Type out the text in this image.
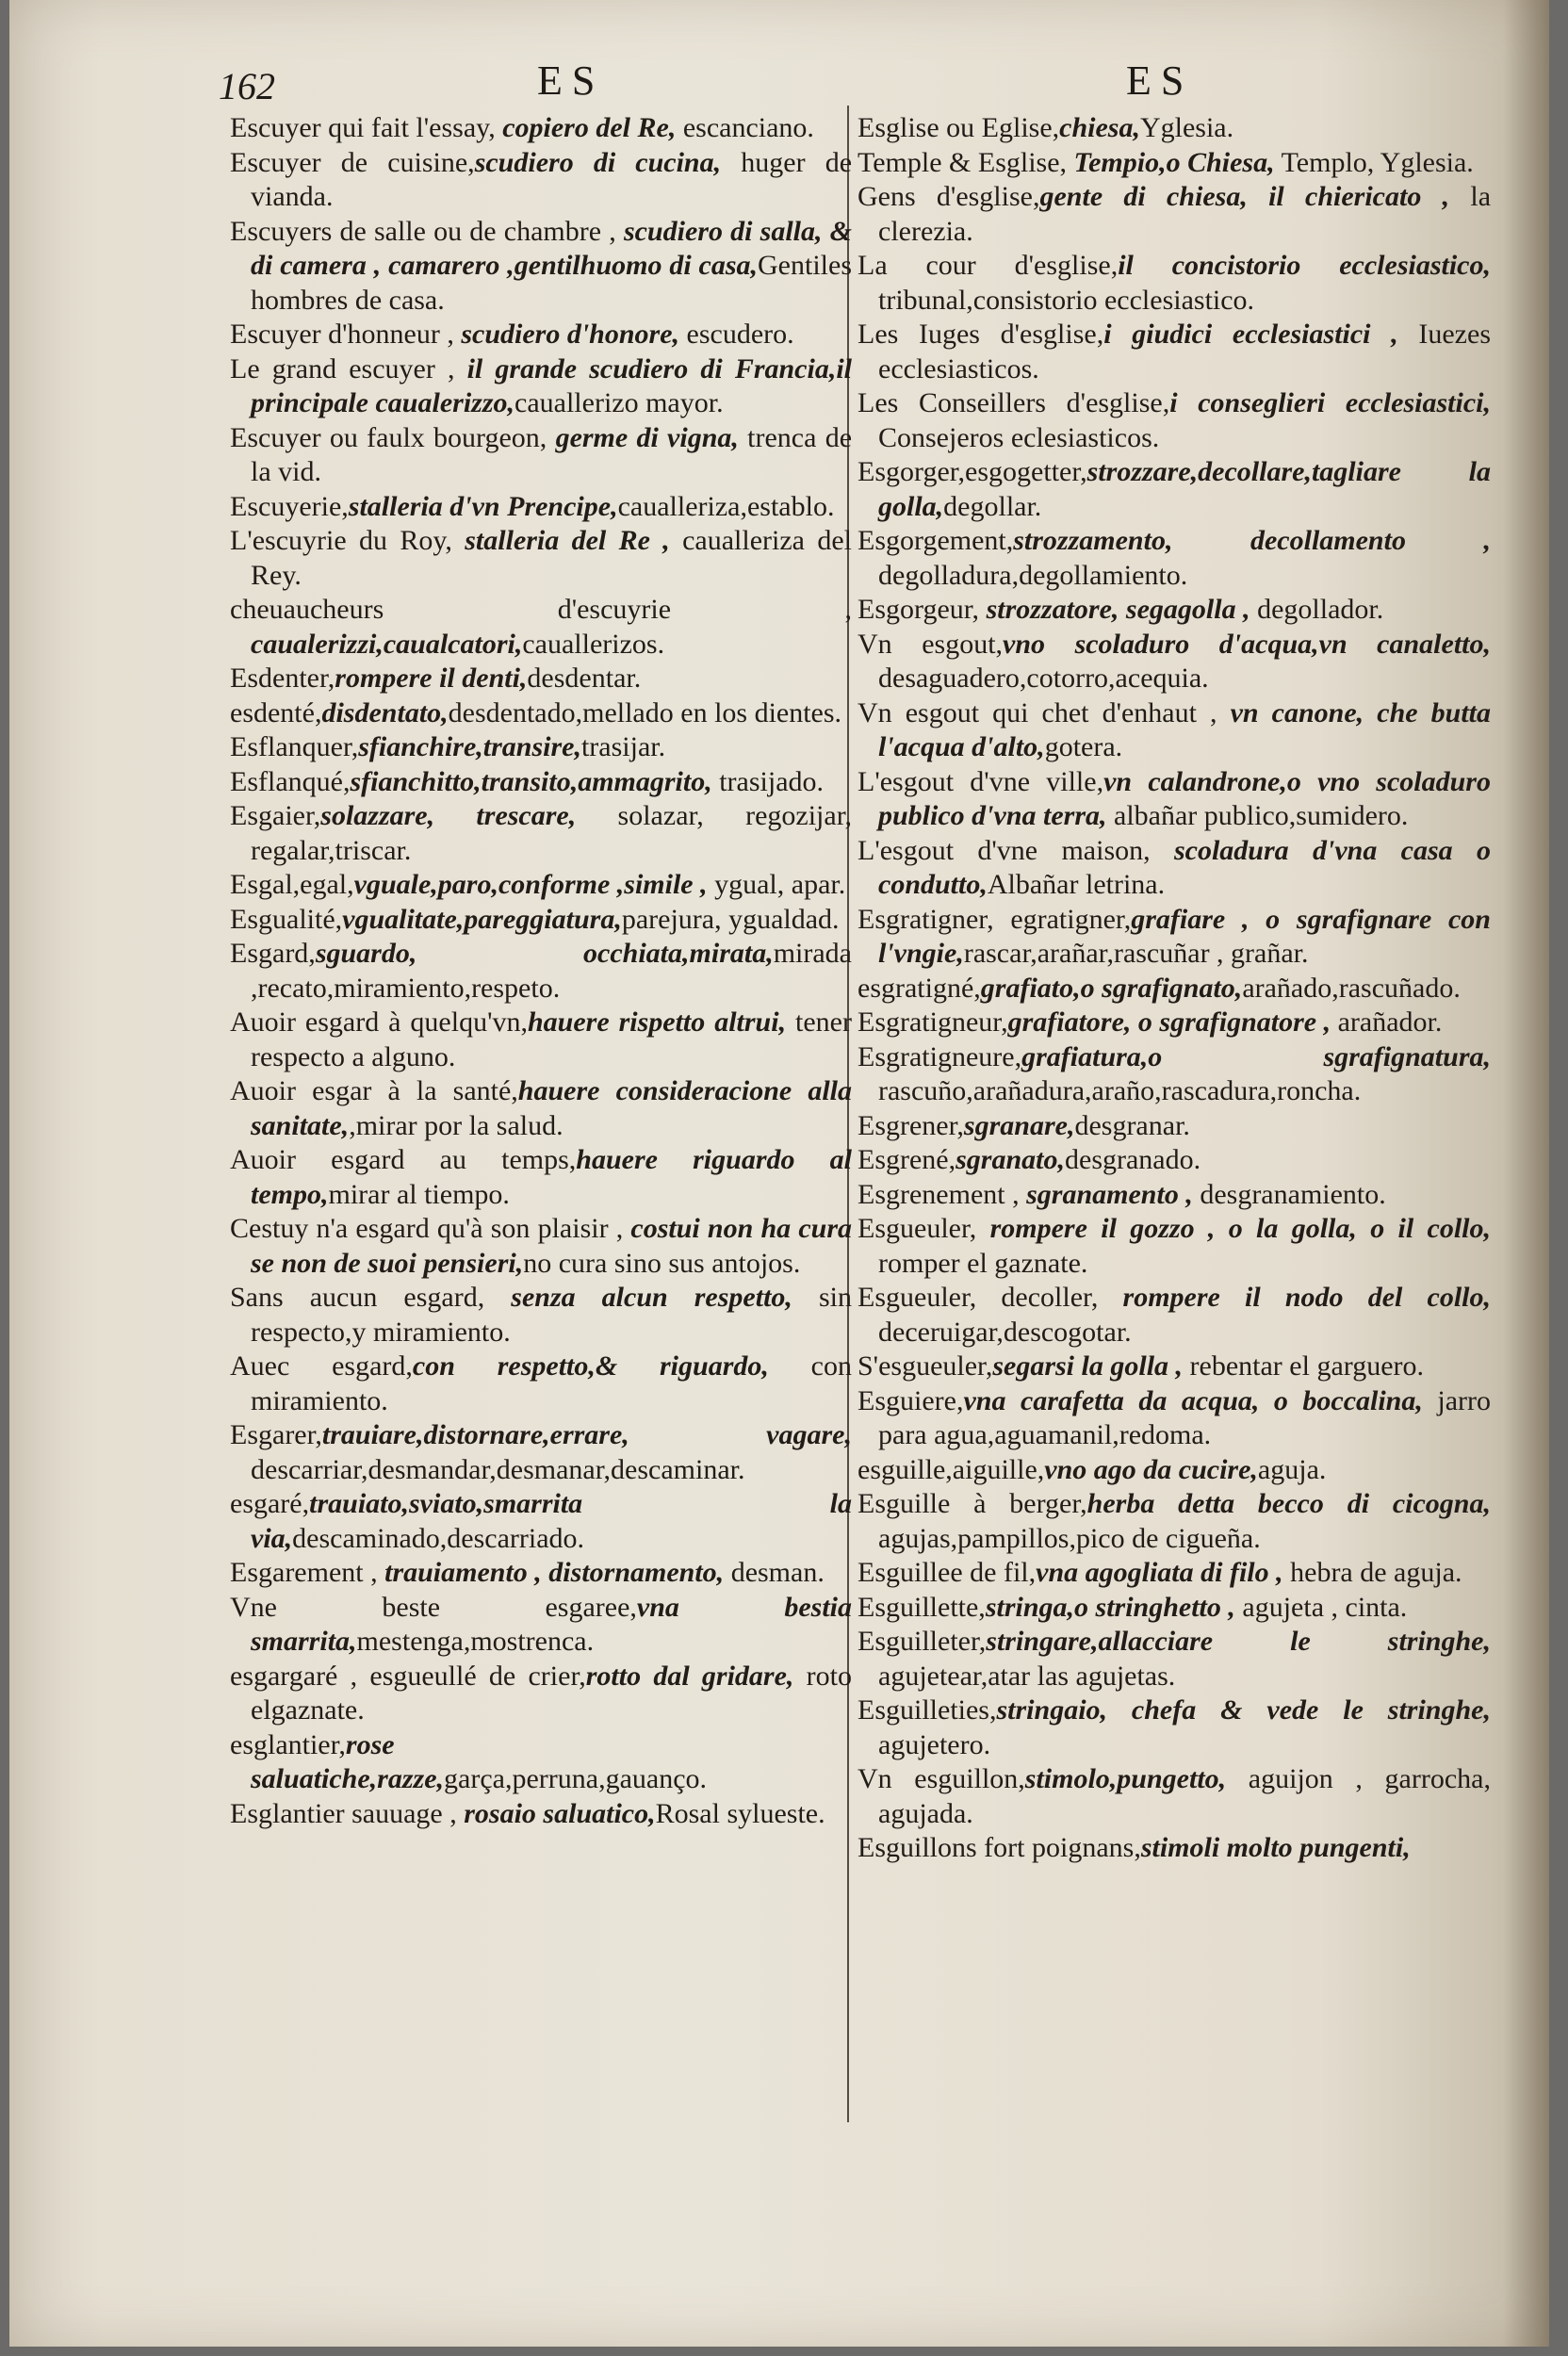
162	ES	ES
Escuyer qui fait l'essay, copiero del Re, escanciano.
Escuyer de cuisine,scudiero di cucina, huger de vianda.
Escuyers de salle ou de chambre , scudiero di salla, & di camera , camarero ,gentilhuomo di casa,Gentiles hombres de casa.
Escuyer d'honneur , scudiero d'honore, escudero.
Le grand escuyer , il grande scudiero di Francia,il principale caualerizzo,cauallerizo mayor.
Escuyer ou faulx bourgeon, germe di vigna, trenca de la vid.
Escuyerie,stalleria d'vn Prencipe,caualleriza,establo.
L'escuyrie du Roy, stalleria del Re , caualleriza del Rey.
cheuaucheurs d'escuyrie , caualerizzi,caualcatori,cauallerizos.
Esdenter,rompere il denti,desdentar.
esdenté,disdentato,desdentado,mellado en los dientes.
Esflanquer,sfianchire,transire,trasijar.
Esflanqué,sfianchitto,transito,ammagrito, trasijado.
Esgaier,solazzare, trescare, solazar, regozijar, regalar,triscar.
Esgal,egal,vguale,paro,conforme ,simile , ygual, apar.
Esgualité,vgualitate,pareggiatura,parejura, ygualdad.
Esgard,sguardo, occhiata,mirata,mirada ,recato,miramiento,respeto.
Auoir esgard à quelqu'vn,hauere rispetto altrui, tener respecto a alguno.
Auoir esgar à la santé,hauere consideracione alla sanitate,,mirar por la salud.
Auoir esgard au temps,hauere riguardo al tempo,mirar al tiempo.
Cestuy n'a esgard qu'à son plaisir , costui non ha cura se non de suoi pensieri,no cura sino sus antojos.
Sans aucun esgard, senza alcun respetto, sin respecto,y miramiento.
Auec esgard,con respetto,& riguardo, con miramiento.
Esgarer,trauiare,distornare,errare, vagare, descarriar,desmandar,desmanar,descaminar.
esgaré,trauiato,sviato,smarrita la via,descaminado,descarriado.
Esgarement , trauiamento , distornamento, desman.
Vne beste esgaree,vna bestia smarrita,mestenga,mostrenca.
esgargaré , esgueullé de crier,rotto dal gridare, roto elgaznate.
esglantier,rose saluatiche,razze,garça,perruna,gauanço.
Esglantier sauuage , rosaio saluatico,Rosal sylueste.
Esglise ou Eglise,chiesa,Yglesia.
Temple & Esglise, Tempio,o Chiesa, Templo, Yglesia.
Gens d'esglise,gente di chiesa, il chiericato , la clerezia.
La cour d'esglise,il concistorio ecclesiastico, tribunal,consistorio ecclesiastico.
Les Iuges d'esglise,i giudici ecclesiastici , Iuezes ecclesiasticos.
Les Conseillers d'esglise,i conseglieri ecclesiastici, Consejeros eclesiasticos.
Esgorger,esgogetter,strozzare,decollare,tagliare la golla,degollar.
Esgorgement,strozzamento, decollamento , degolladura,degollamiento.
Esgorgeur, strozzatore, segagolla , degollador.
Vn esgout,vno scoladuro d'acqua,vn canaletto, desaguadero,cotorro,acequia.
Vn esgout qui chet d'enhaut , vn canone, che butta l'acqua d'alto,gotera.
L'esgout d'vne ville,vn calandrone,o vno scoladuro publico d'vna terra, albañar publico,sumidero.
L'esgout d'vne maison, scoladura d'vna casa o condutto,Albañar letrina.
Esgratigner, egratigner,grafiare , o sgrafignare con l'vngie,rascar,arañar,rascuñar , grañar.
esgratigné,grafiato,o sgrafignato,arañado,rascuñado.
Esgratigneur,grafiatore, o sgrafignatore , arañador.
Esgratigneure,grafiatura,o sgrafignatura, rascuño,arañadura,araño,rascadura,roncha.
Esgrener,sgranare,desgranar.
Esgrené,sgranato,desgranado.
Esgrenement , sgranamento , desgranamiento.
Esgueuler, rompere il gozzo , o la golla, o il collo, romper el gaznate.
Esgueuler, decoller, rompere il nodo del collo, deceruigar,descogotar.
S'esgueuler,segarsi la golla , rebentar el garguero.
Esguiere,vna carafetta da acqua, o boccalina, jarro para agua,aguamanil,redoma.
esguille,aiguille,vno ago da cucire,aguja.
Esguille à berger,herba detta becco di cicogna, agujas,pampillos,pico de cigueña.
Esguillee de fil,vna agogliata di filo , hebra de aguja.
Esguillette,stringa,o stringhetto , agujeta , cinta.
Esguilleter,stringare,allacciare le stringhe, agujetear,atar las agujetas.
Esguilleties,stringaio, chefa & vede le stringhe, agujetero.
Vn esguillon,stimolo,pungetto, aguijon , garrocha, agujada.
Esguillons fort poignans,stimoli molto pungenti,
